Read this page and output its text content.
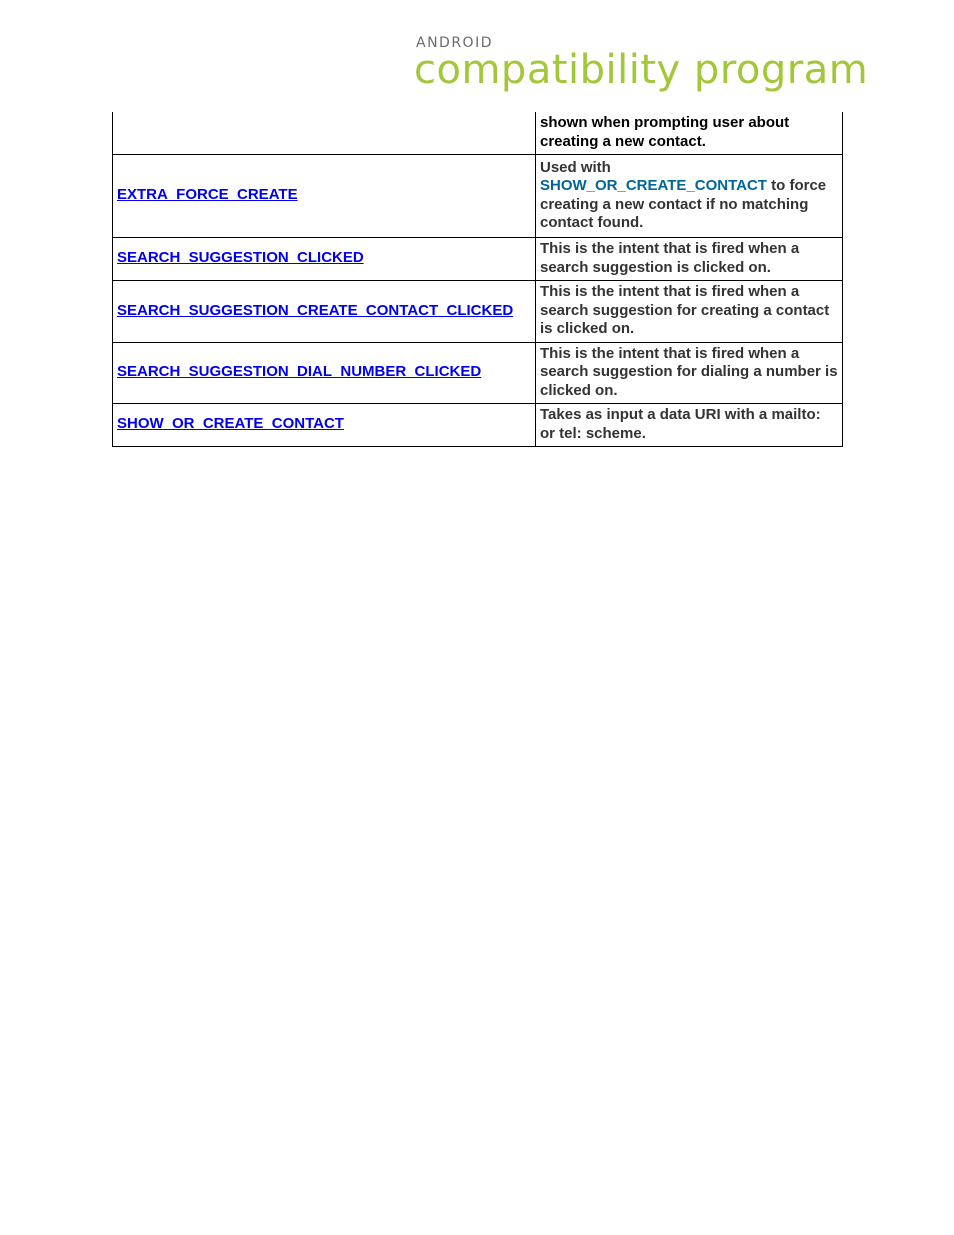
ANDROID
compatibility program
	shown when prompting user about creating a new contact.
EXTRA_FORCE_CREATE	Used with SHOW_OR_CREATE_CONTACT to force creating a new contact if no matching contact found.
SEARCH_SUGGESTION_CLICKED	This is the intent that is fired when a search suggestion is clicked on.
SEARCH_SUGGESTION_CREATE_CONTACT_CLICKED	This is the intent that is fired when a search suggestion for creating a contact is clicked on.
SEARCH_SUGGESTION_DIAL_NUMBER_CLICKED	This is the intent that is fired when a search suggestion for dialing a number is clicked on.
SHOW_OR_CREATE_CONTACT	Takes as input a data URI with a mailto: or tel: scheme.
